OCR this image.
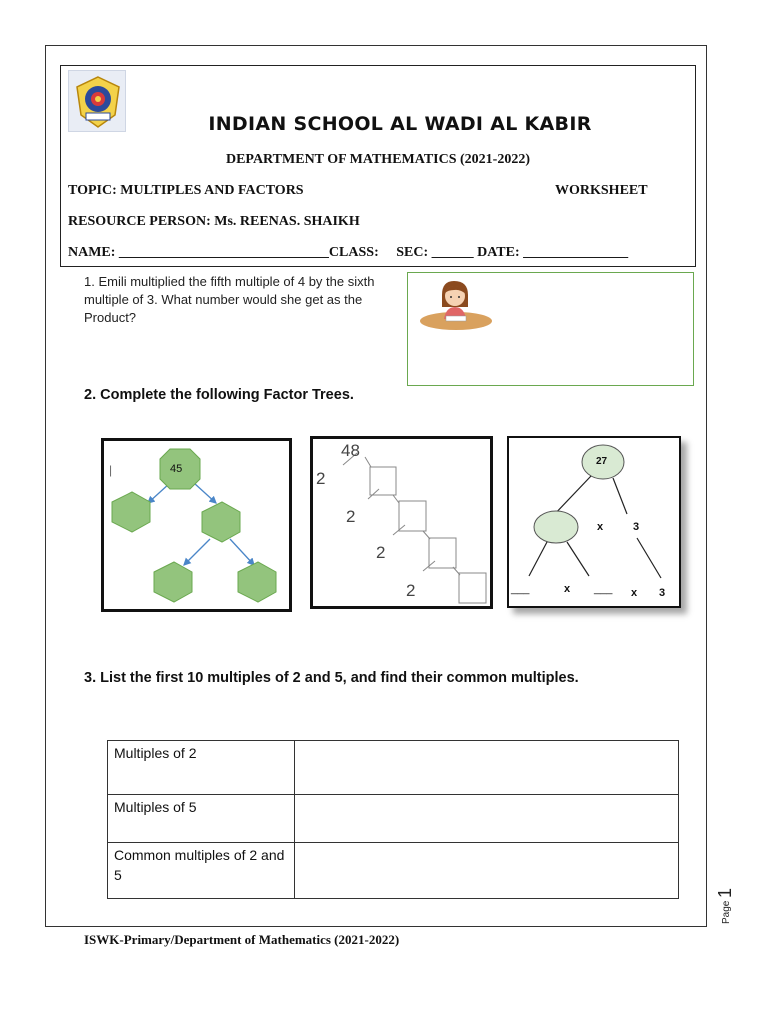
INDIAN SCHOOL AL WADI AL KABIR
DEPARTMENT OF MATHEMATICS (2021-2022)
TOPIC: MULTIPLES AND FACTORS	WORKSHEET
RESOURCE PERSON: Ms. REENAS. SHAIKH
NAME: ______________________________CLASS:     SEC: ______ DATE: _______________
1. Emili multiplied the fifth multiple of 4 by the sixth multiple of 3. What number would she get as the Product?
2. Complete the following Factor Trees.
45
|
48
2
2
2
2
27
x	3
___	x ___ x 3
3. List the first 10 multiples of 2 and 5, and find their common multiples.
Multiples of 2	
Multiples of 5	
Common multiples of 2 and 5	
ISWK-Primary/Department of Mathematics (2021-2022)
Page
1
